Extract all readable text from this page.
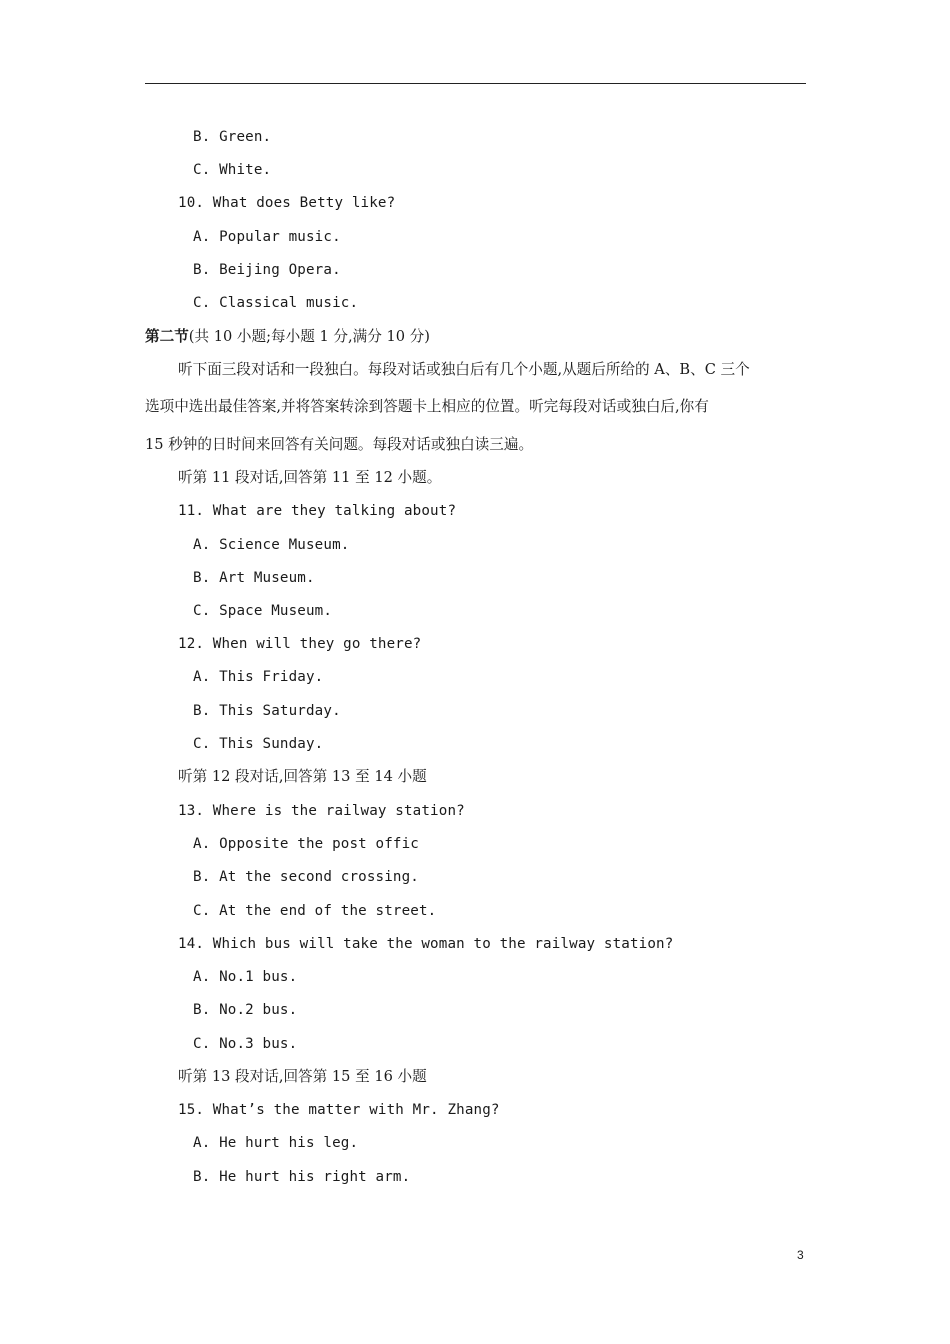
B. Green.
C. White.
10. What does Betty like?
A. Popular music.
B. Beijing Opera.
C. Classical music.
第二节(共 10 小题;每小题 1 分,满分 10 分)
听下面三段对话和一段独白。每段对话或独白后有几个小题,从题后所给的 A、B、C 三个
选项中选出最佳答案,并将答案转涂到答题卡上相应的位置。听完每段对话或独白后,你有
15 秒钟的日时间来回答有关问题。每段对话或独白读三遍。
听第 11 段对话,回答第 11 至 12 小题。
11. What are they talking about?
A. Science Museum.
B. Art Museum.
C. Space Museum.
12. When will they go there?
A. This Friday.
B. This Saturday.
C. This Sunday.
听第 12 段对话,回答第 13 至 14 小题
13. Where is the railway station?
A. Opposite the post offic
B. At the second crossing.
C. At the end of the street.
14. Which bus will take the woman to the railway station?
A. No.1 bus.
B. No.2 bus.
C. No.3 bus.
听第 13 段对话,回答第 15 至 16 小题
15. What’s the matter with Mr. Zhang?
A. He hurt his leg.
B. He hurt his right arm.
3
